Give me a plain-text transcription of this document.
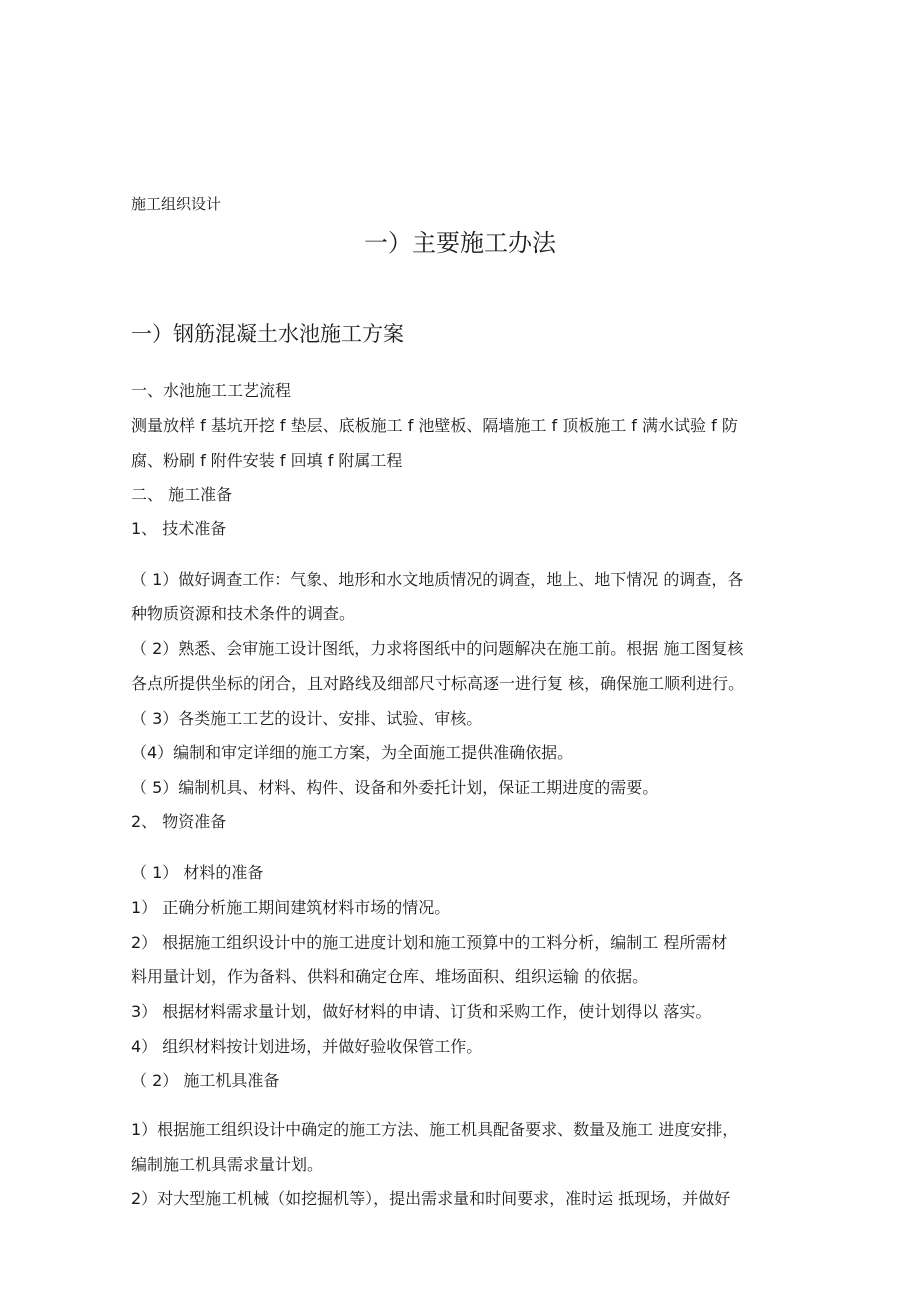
施工组织设计
一）主要施工办法
一）钢筋混凝土水池施工方案
一、水池施工工艺流程
测量放样 f 基坑开挖 f 垫层、底板施工 f 池壁板、隔墙施工 f 顶板施工 f 满水试验 f 防
腐、粉刷 f 附件安装 f 回填 f 附属工程
二、 施工准备
1、 技术准备
（ 1）做好调查工作：气象、地形和水文地质情况的调查，地上、地下情况 的调查，各
种物质资源和技术条件的调查。
（ 2）熟悉、会审施工设计图纸，力求将图纸中的问题解决在施工前。根据 施工图复核
各点所提供坐标的闭合，且对路线及细部尺寸标高逐一进行复 核，确保施工顺利进行。
（ 3）各类施工工艺的设计、安排、试验、审核。
（4）编制和审定详细的施工方案，为全面施工提供准确依据。
（ 5）编制机具、材料、构件、设备和外委托计划，保证工期进度的需要。
2、 物资准备
（ 1） 材料的准备
1） 正确分析施工期间建筑材料市场的情况。
2） 根据施工组织设计中的施工进度计划和施工预算中的工料分析，编制工 程所需材
料用量计划，作为备料、供料和确定仓库、堆场面积、组织运输 的依据。
3） 根据材料需求量计划，做好材料的申请、订货和采购工作，使计划得以 落实。
4） 组织材料按计划进场，并做好验收保管工作。
（ 2） 施工机具准备
1）根据施工组织设计中确定的施工方法、施工机具配备要求、数量及施工 进度安排，
编制施工机具需求量计划。
2）对大型施工机械（如挖掘机等），提出需求量和时间要求，准时运 抵现场，并做好
